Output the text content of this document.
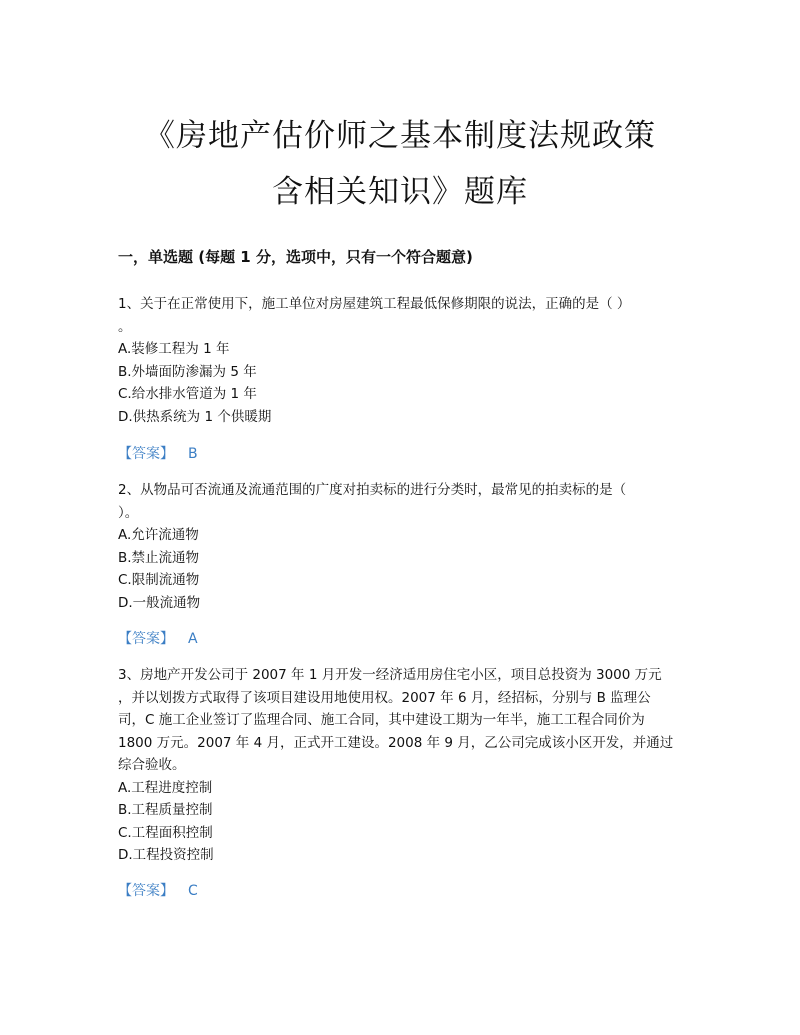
《房地产估价师之基本制度法规政策
含相关知识》题库
一，单选题 (每题 1 分，选项中，只有一个符合题意)

1、关于在正常使用下，施工单位对房屋建筑工程最低保修期限的说法，正确的是（ ）
。

A.装修工程为 1 年
B.外墙面防渗漏为 5 年
C.给水排水管道为 1 年
D.供热系统为 1 个供暖期
【答案】 B

2、从物品可否流通及流通范围的广度对拍卖标的进行分类时，最常见的拍卖标的是（
）。

A.允许流通物
B.禁止流通物
C.限制流通物
D.一般流通物
【答案】 A

3、房地产开发公司于 2007 年 1 月开发一经济适用房住宅小区，项目总投资为 3000 万元
，并以划拨方式取得了该项目建设用地使用权。2007 年 6 月，经招标，分别与 B 监理公
司，C 施工企业签订了监理合同、施工合同，其中建设工期为一年半，施工工程合同价为
1800 万元。2007 年 4 月，正式开工建设。2008 年 9 月，乙公司完成该小区开发，并通过
综合验收。

A.工程进度控制
B.工程质量控制
C.工程面积控制
D.工程投资控制
【答案】 C
